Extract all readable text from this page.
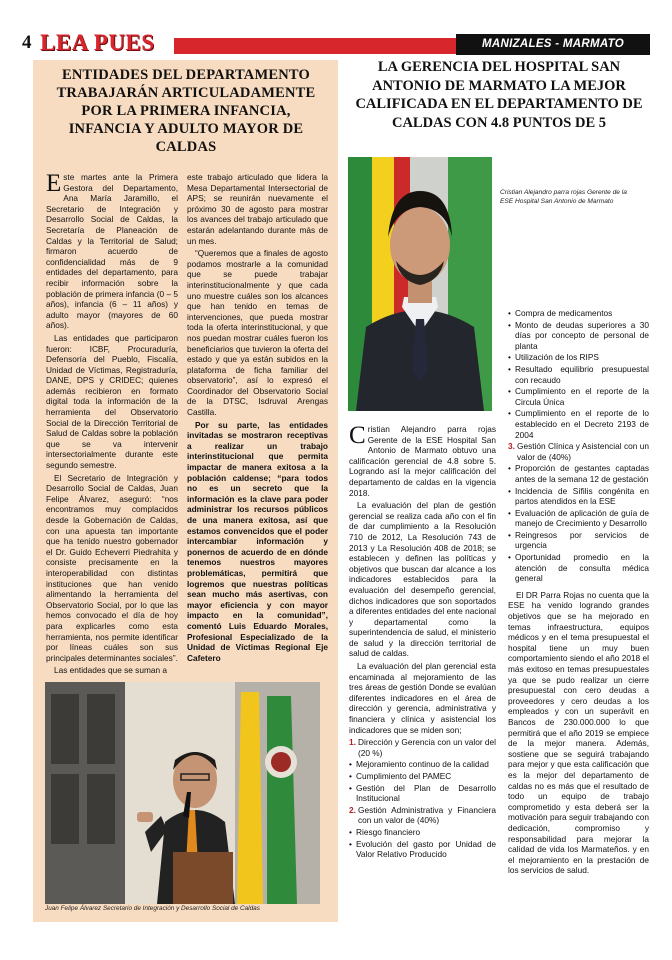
4 LEA PUES	MANIZALES - MARMATO
ENTIDADES DEL DEPARTAMENTO TRABAJARÁN ARTICULADAMENTE POR LA PRIMERA INFANCIA, INFANCIA Y ADULTO MAYOR DE CALDAS

Este martes ante la Primera Gestora del Departamento, Ana María Jaramillo, el Secretario de Integración y Desarrollo Social de Caldas, la Secretaría de Planeación de Caldas y la Territorial de Salud; firmaron acuerdo de confidencialidad más de 9 entidades del departamento, para recibir información sobre la población de primera infancia (0 – 5 años), infancia (6 – 11 años) y adulto mayor (mayores de 60 años).

Las entidades que participaron fueron: ICBF, Procuraduría, Defensoría del Pueblo, Fiscalía, Unidad de Víctimas, Registraduría, DANE, DPS y CRIDEC; quienes además recibieron en formato digital toda la información de la herramienta del Observatorio Social de la Dirección Territorial de Salud de Caldas sobre la población que se va intervenir intersectorialmente durante este segundo semestre.

El Secretario de Integración y Desarrollo Social de Caldas, Juan Felipe Álvarez, aseguró: “nos encontramos muy complacidos desde la Gobernación de Caldas, con una apuesta tan importante que ha tenido nuestro gobernador el Dr. Guido Echeverri Piedrahita y consiste precisamente en la interoperabilidad con distintas instituciones que han venido alimentando la herramienta del Observatorio Social, por lo que las hemos convocado el día de hoy para explicarles como esta herramienta, nos permite identificar por líneas cuáles son sus principales determinantes sociales”.

Las entidades que se suman a

este trabajo articulado que lidera la Mesa Departamental Intersectorial de APS; se reunirán nuevamente el próximo 30 de agosto para mostrar los avances del trabajo articulado que estarán adelantando durante más de un mes.

“Queremos que a finales de agosto podamos mostrarle a la comunidad que se puede trabajar interinstitucionalmente y que cada uno muestre cuáles son los alcances que han tenido en temas de intervenciones, que pueda mostrar toda la oferta interinstitucional, y que nos puedan mostrar cuáles fueron los beneficiarios que tuvieron la oferta del estado y que ya están subidos en la plataforma de ficha familiar del observatorio”, así lo expresó el Coordinador del Observatorio Social de la DTSC, Isdruval Arengas Castilla.

Por su parte, las entidades invitadas se mostraron receptivas a realizar un trabajo interinstitucional que permita impactar de manera exitosa a la población caldense; “para todos no es un secreto que la información es la clave para poder administrar los recursos públicos de una manera exitosa, así que estamos convencidos que el poder intercambiar información y ponernos de acuerdo de en dónde tenemos nuestros mayores problemáticas, permitirá que logremos que nuestras políticas sean mucho más asertivas, con mayor eficiencia y con mayor impacto en la comunidad”, comentó Luis Eduardo Morales, Profesional Especializado de la Unidad de Víctimas Regional Eje Cafetero

Juan Felipe Álvarez Secretario de Integración y Desarrollo Social de Caldas
LA GERENCIA DEL HOSPITAL SAN ANTONIO DE MARMATO LA MEJOR CALIFICADA EN EL DEPARTAMENTO DE CALDAS CON 4.8 PUNTOS DE 5
Cristian Alejandro parra rojas Gerente de la ESE Hospital San Antonio de Marmato

Cristian Alejandro parra rojas Gerente de la ESE Hospital San Antonio de Marmato obtuvo una calificación gerencial de 4.8 sobre 5. Logrando así la mejor calificación del departamento de caldas en la vigencia 2018.

La evaluación del plan de gestión gerencial se realiza cada año con el fin de dar cumplimiento a la Resolución 710 de 2012, La Resolución 743 de 2013 y La Resolución 408 de 2018; se establecen y definen las políticas y objetivos que buscan dar alcance a los indicadores establecidos para la evaluación del desempeño gerencial, dichos indicadores que son soportados a diferentes entidades del ente nacional y departamental como la superintendencia de salud, el ministerio de salud y la dirección territorial de salud de caldas.

La evaluación del plan gerencial esta encaminada al mejoramiento de las tres áreas de gestión Donde se evalúan diferentes indicadores en el área de dirección y gerencia, administrativa y financiera y clínica y asistencial los indicadores que se miden son;

1. Dirección y Gerencia con un valor del (20 %)

• Mejoramiento continuo de la calidad

• Cumplimiento del PAMEC

• Gestión del Plan de Desarrollo Institucional

2. Gestión Administrativa y Financiera con un valor de (40%)

• Riesgo financiero

• Evolución del gasto por Unidad de Valor Relativo Producido

• Compra de medicamentos

• Monto de deudas superiores a 30 días por concepto de personal de planta

• Utilización de los RIPS

• Resultado equilibrio presupuestal con recaudo

• Cumplimiento en el reporte de la Circula Única

• Cumplimiento en el reporte de lo establecido en el Decreto 2193 de 2004

3. Gestión Clínica y Asistencial con un valor de (40%)

• Proporción de gestantes captadas antes de la semana 12 de gestación

• Incidencia de Sífilis congénita en partos atendidos en la ESE

• Evaluación de aplicación de guía de manejo de Crecimiento y Desarrollo

• Reingresos por servicios de urgencia

• Oportunidad promedio en la atención de consulta médica general

El DR Parra Rojas no cuenta que la ESE ha venido logrando grandes objetivos que se ha mejorado en temas infraestructura, equipos médicos y en el tema presupuestal el hospital tiene un muy buen comportamiento siendo el año 2018 el más exitoso en temas presupuestales ya que se pudo realizar un cierre presupuestal con cero deudas a proveedores y cero deudas a los empleados y con un superávit en Bancos de 230.000.000 lo que permitirá que el año 2019 se empiece de la mejor manera. Además, sostiene que se seguirá trabajando para mejor y que esta calificación que es la mejor del departamento de caldas no es más que el resultado de todo un equipo de trabajo comprometido y esta deberá ser la motivación para seguir trabajando con dedicación, compromiso y responsabilidad para mejorar la calidad de vida los Marmateños. y en el mejoramiento en la prestación de los servicios de salud.
